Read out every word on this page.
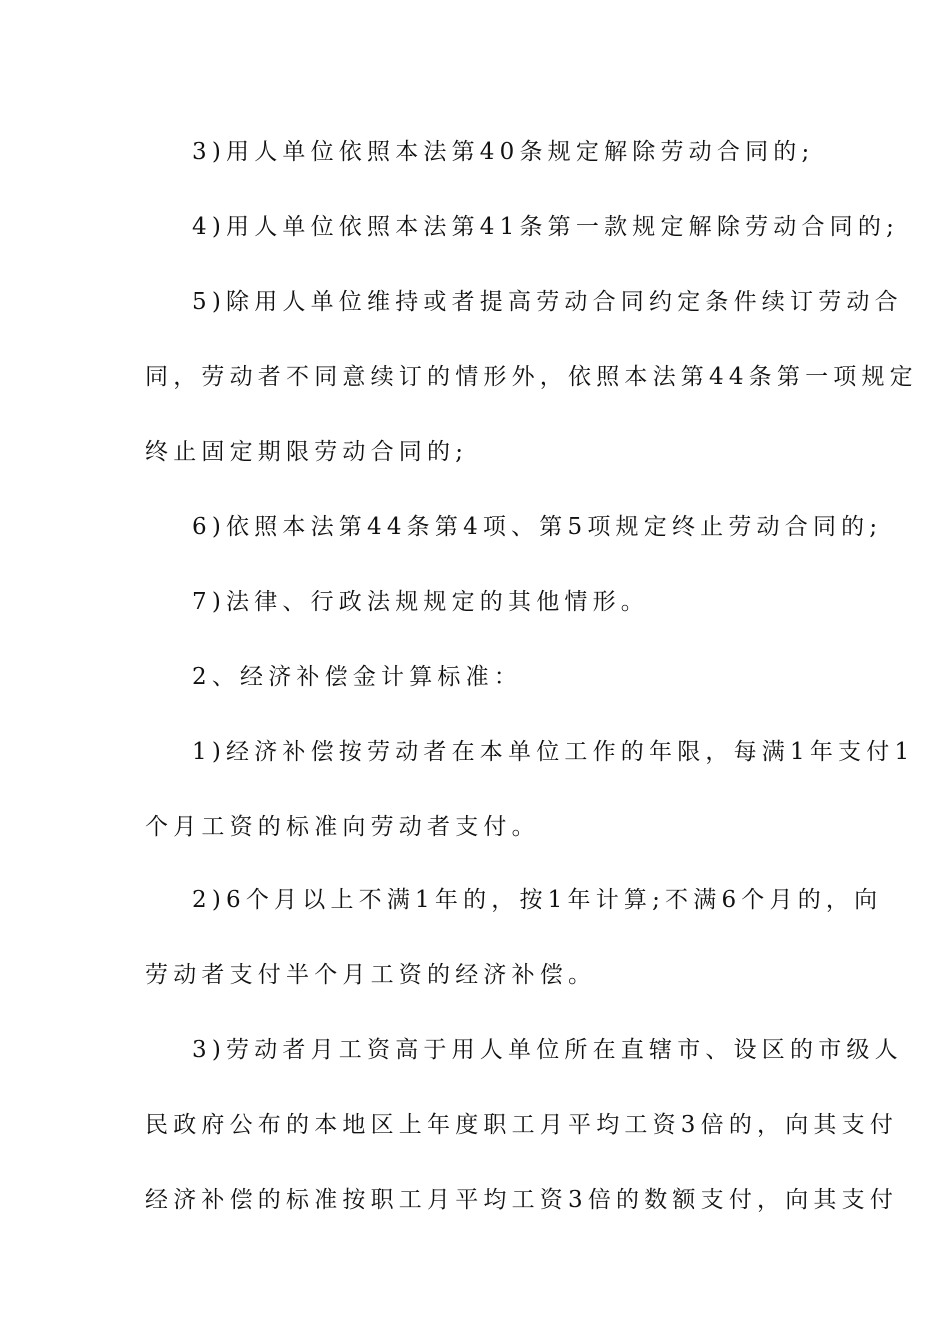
3)用人单位依照本法第40条规定解除劳动合同的;
4)用人单位依照本法第41条第一款规定解除劳动合同的;
5)除用人单位维持或者提高劳动合同约定条件续订劳动合
同，劳动者不同意续订的情形外，依照本法第44条第一项规定
终止固定期限劳动合同的;
6)依照本法第44条第4项、第5项规定终止劳动合同的;
7)法律、行政法规规定的其他情形。
2、经济补偿金计算标准：
1)经济补偿按劳动者在本单位工作的年限，每满1年支付1
个月工资的标准向劳动者支付。
2)6个月以上不满1年的，按1年计算;不满6个月的，向
劳动者支付半个月工资的经济补偿。
3)劳动者月工资高于用人单位所在直辖市、设区的市级人
民政府公布的本地区上年度职工月平均工资3倍的，向其支付
经济补偿的标准按职工月平均工资3倍的数额支付，向其支付
